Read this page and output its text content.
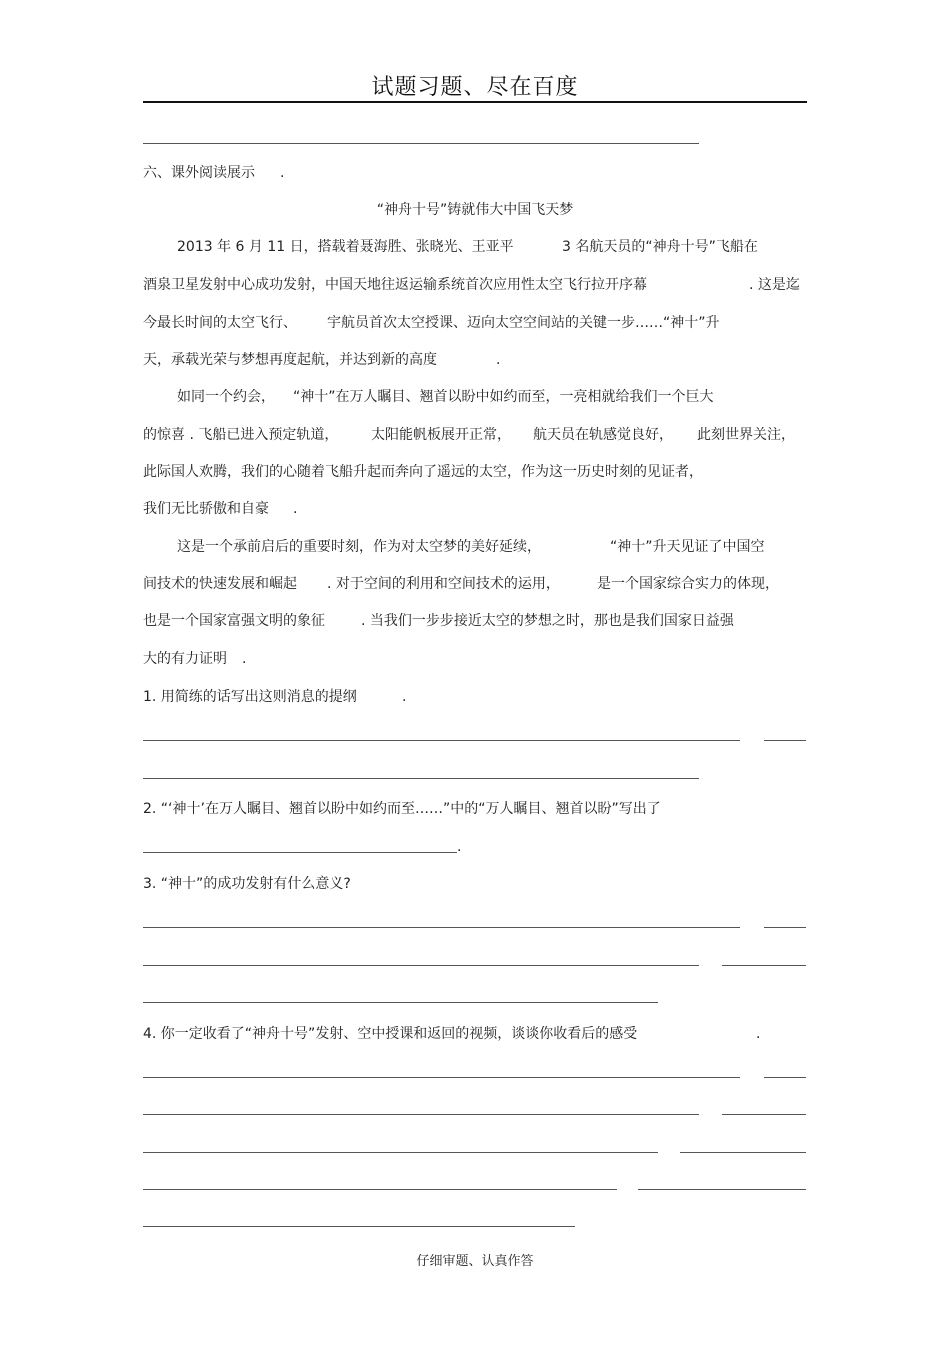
试题习题、尽在百度
六、课外阅读展示 .
“神舟十号”铸就伟大中国飞天梦
2013 年 6 月 11 日，搭载着聂海胜、张晓光、王亚平	3 名航天员的“神舟十号”飞船在
酒泉卫星发射中心成功发射，中国天地往返运输系统首次应用性太空飞行拉开序幕	. 这是迄
今最长时间的太空飞行、 宇航员首次太空授课、迈向太空空间站的关键一步……“神十”升
天，承载光荣与梦想再度起航，并达到新的高度	.
如同一个约会， “神十”在万人瞩目、翘首以盼中如约而至，一亮相就给我们一个巨大
的惊喜 . 飞船已进入预定轨道， 太阳能帆板展开正常， 航天员在轨感觉良好， 此刻世界关注，
此际国人欢腾，我们的心随着飞船升起而奔向了遥远的太空，作为这一历史时刻的见证者，
我们无比骄傲和自豪 .
这是一个承前启后的重要时刻，作为对太空梦的美好延续，	“神十”升天见证了中国空
间技术的快速发展和崛起 . 对于空间的利用和空间技术的运用，	是一个国家综合实力的体现，
也是一个国家富强文明的象征	. 当我们一步步接近太空的梦想之时，那也是我们国家日益强
大的有力证明 .
1. 用简练的话写出这则消息的提纲	.
2. “‘神十’在万人瞩目、翘首以盼中如约而至……”中的“万人瞩目、翘首以盼”写出了
.
3. “神十”的成功发射有什么意义?
4. 你一定收看了“神舟十号”发射、空中授课和返回的视频，谈谈你收看后的感受	.
仔细审题、认真作答
